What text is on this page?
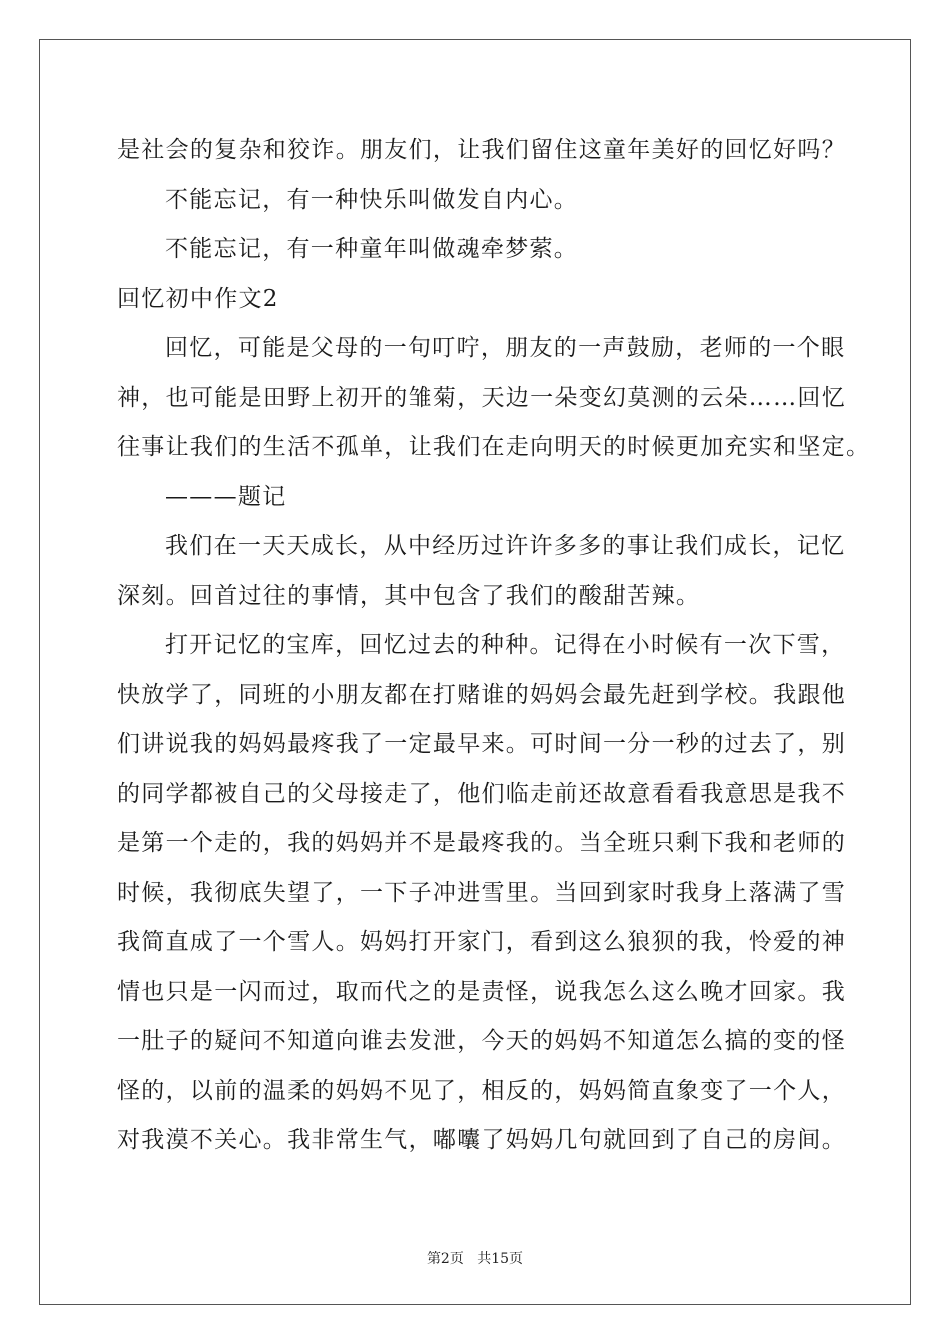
是社会的复杂和狡诈。朋友们，让我们留住这童年美好的回忆好吗？
不能忘记，有一种快乐叫做发自内心。
不能忘记，有一种童年叫做魂牵梦萦。
回忆初中作文2
回忆，可能是父母的一句叮咛，朋友的一声鼓励，老师的一个眼
神，也可能是田野上初开的雏菊，天边一朵变幻莫测的云朵……回忆
往事让我们的生活不孤单，让我们在走向明天的时候更加充实和坚定。
———题记
我们在一天天成长，从中经历过许许多多的事让我们成长，记忆
深刻。回首过往的事情，其中包含了我们的酸甜苦辣。
打开记忆的宝库，回忆过去的种种。记得在小时候有一次下雪，
快放学了，同班的小朋友都在打赌谁的妈妈会最先赶到学校。我跟他
们讲说我的妈妈最疼我了一定最早来。可时间一分一秒的过去了，别
的同学都被自己的父母接走了，他们临走前还故意看看我意思是我不
是第一个走的，我的妈妈并不是最疼我的。当全班只剩下我和老师的
时候，我彻底失望了，一下子冲进雪里。当回到家时我身上落满了雪
我简直成了一个雪人。妈妈打开家门，看到这么狼狈的我，怜爱的神
情也只是一闪而过，取而代之的是责怪，说我怎么这么晚才回家。我
一肚子的疑问不知道向谁去发泄，今天的妈妈不知道怎么搞的变的怪
怪的，以前的温柔的妈妈不见了，相反的，妈妈简直象变了一个人，
对我漠不关心。我非常生气，嘟囔了妈妈几句就回到了自己的房间。
第2页 共15页
